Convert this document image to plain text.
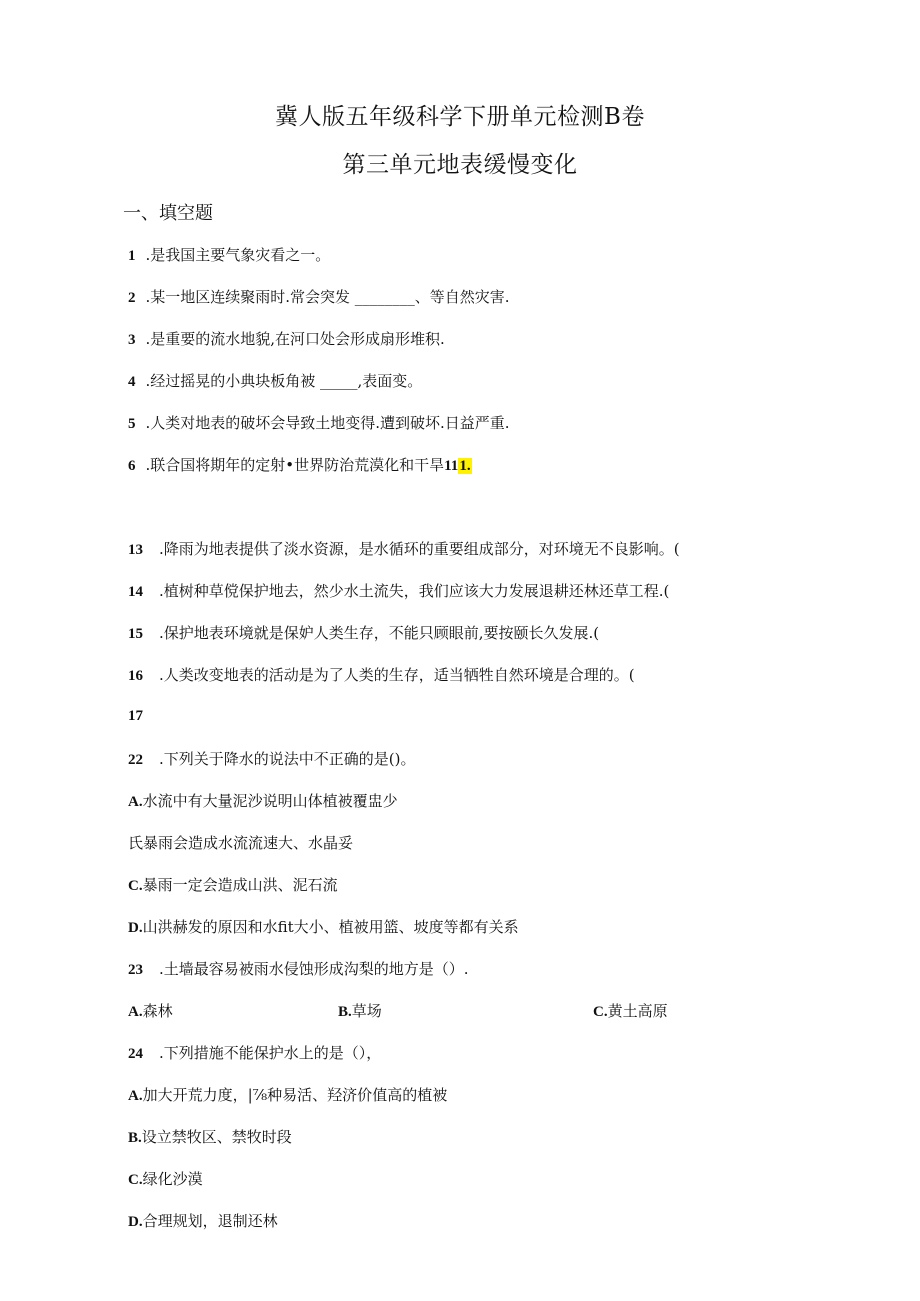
冀人版五年级科学下册单元检测B卷
第三单元地表缓慢变化
一、填空题
1 .是我国主要气象灾看之一。
2 .某一地区连续聚雨时.常会突发 ________、等自然灾害.
3 .是重要的流水地貌,在河口处会形成扇形堆积.
4 .经过摇晃的小典块板角被 _____,表面变。
5 .人类对地表的破坏会导致土地变得.遭到破坏.日益严重.
6 .联合国将期年的定射•世界防治荒漠化和干旱111.
13 .降雨为地表提供了淡水资源，是水循环的重要组成部分，对环境无不良影响。(
14 .植树种草傥保护地去，然少水土流失，我们应该大力发展退耕还林还草工程.(
15 .保护地表环境就是保妒人类生存，不能只顾眼前,要按颐长久发展.(
16 .人类改变地表的活动是为了人类的生存，适当牺牲自然环境是合理的。(
17
22 .下列关于降水的说法中不正确的是()。
A.水流中有大量泥沙说明山体植被覆盅少
氏暴雨会造成水流流速大、水晶妥
C.暴雨一定会造成山洪、泥石流
D.山洪赫发的原因和水fit大小、植被用篮、坡度等都有关系
23 .土墙最容易被雨水侵蚀形成沟梨的地方是（）.
A.森林	B.草场	C.黄土高原
24 .下列措施不能保护水上的是（），
A.加大开荒力度，|⅞种易活、羟济价值高的植被
B.设立禁牧区、禁牧时段
C.绿化沙漠
D.合理规划，退制还林
